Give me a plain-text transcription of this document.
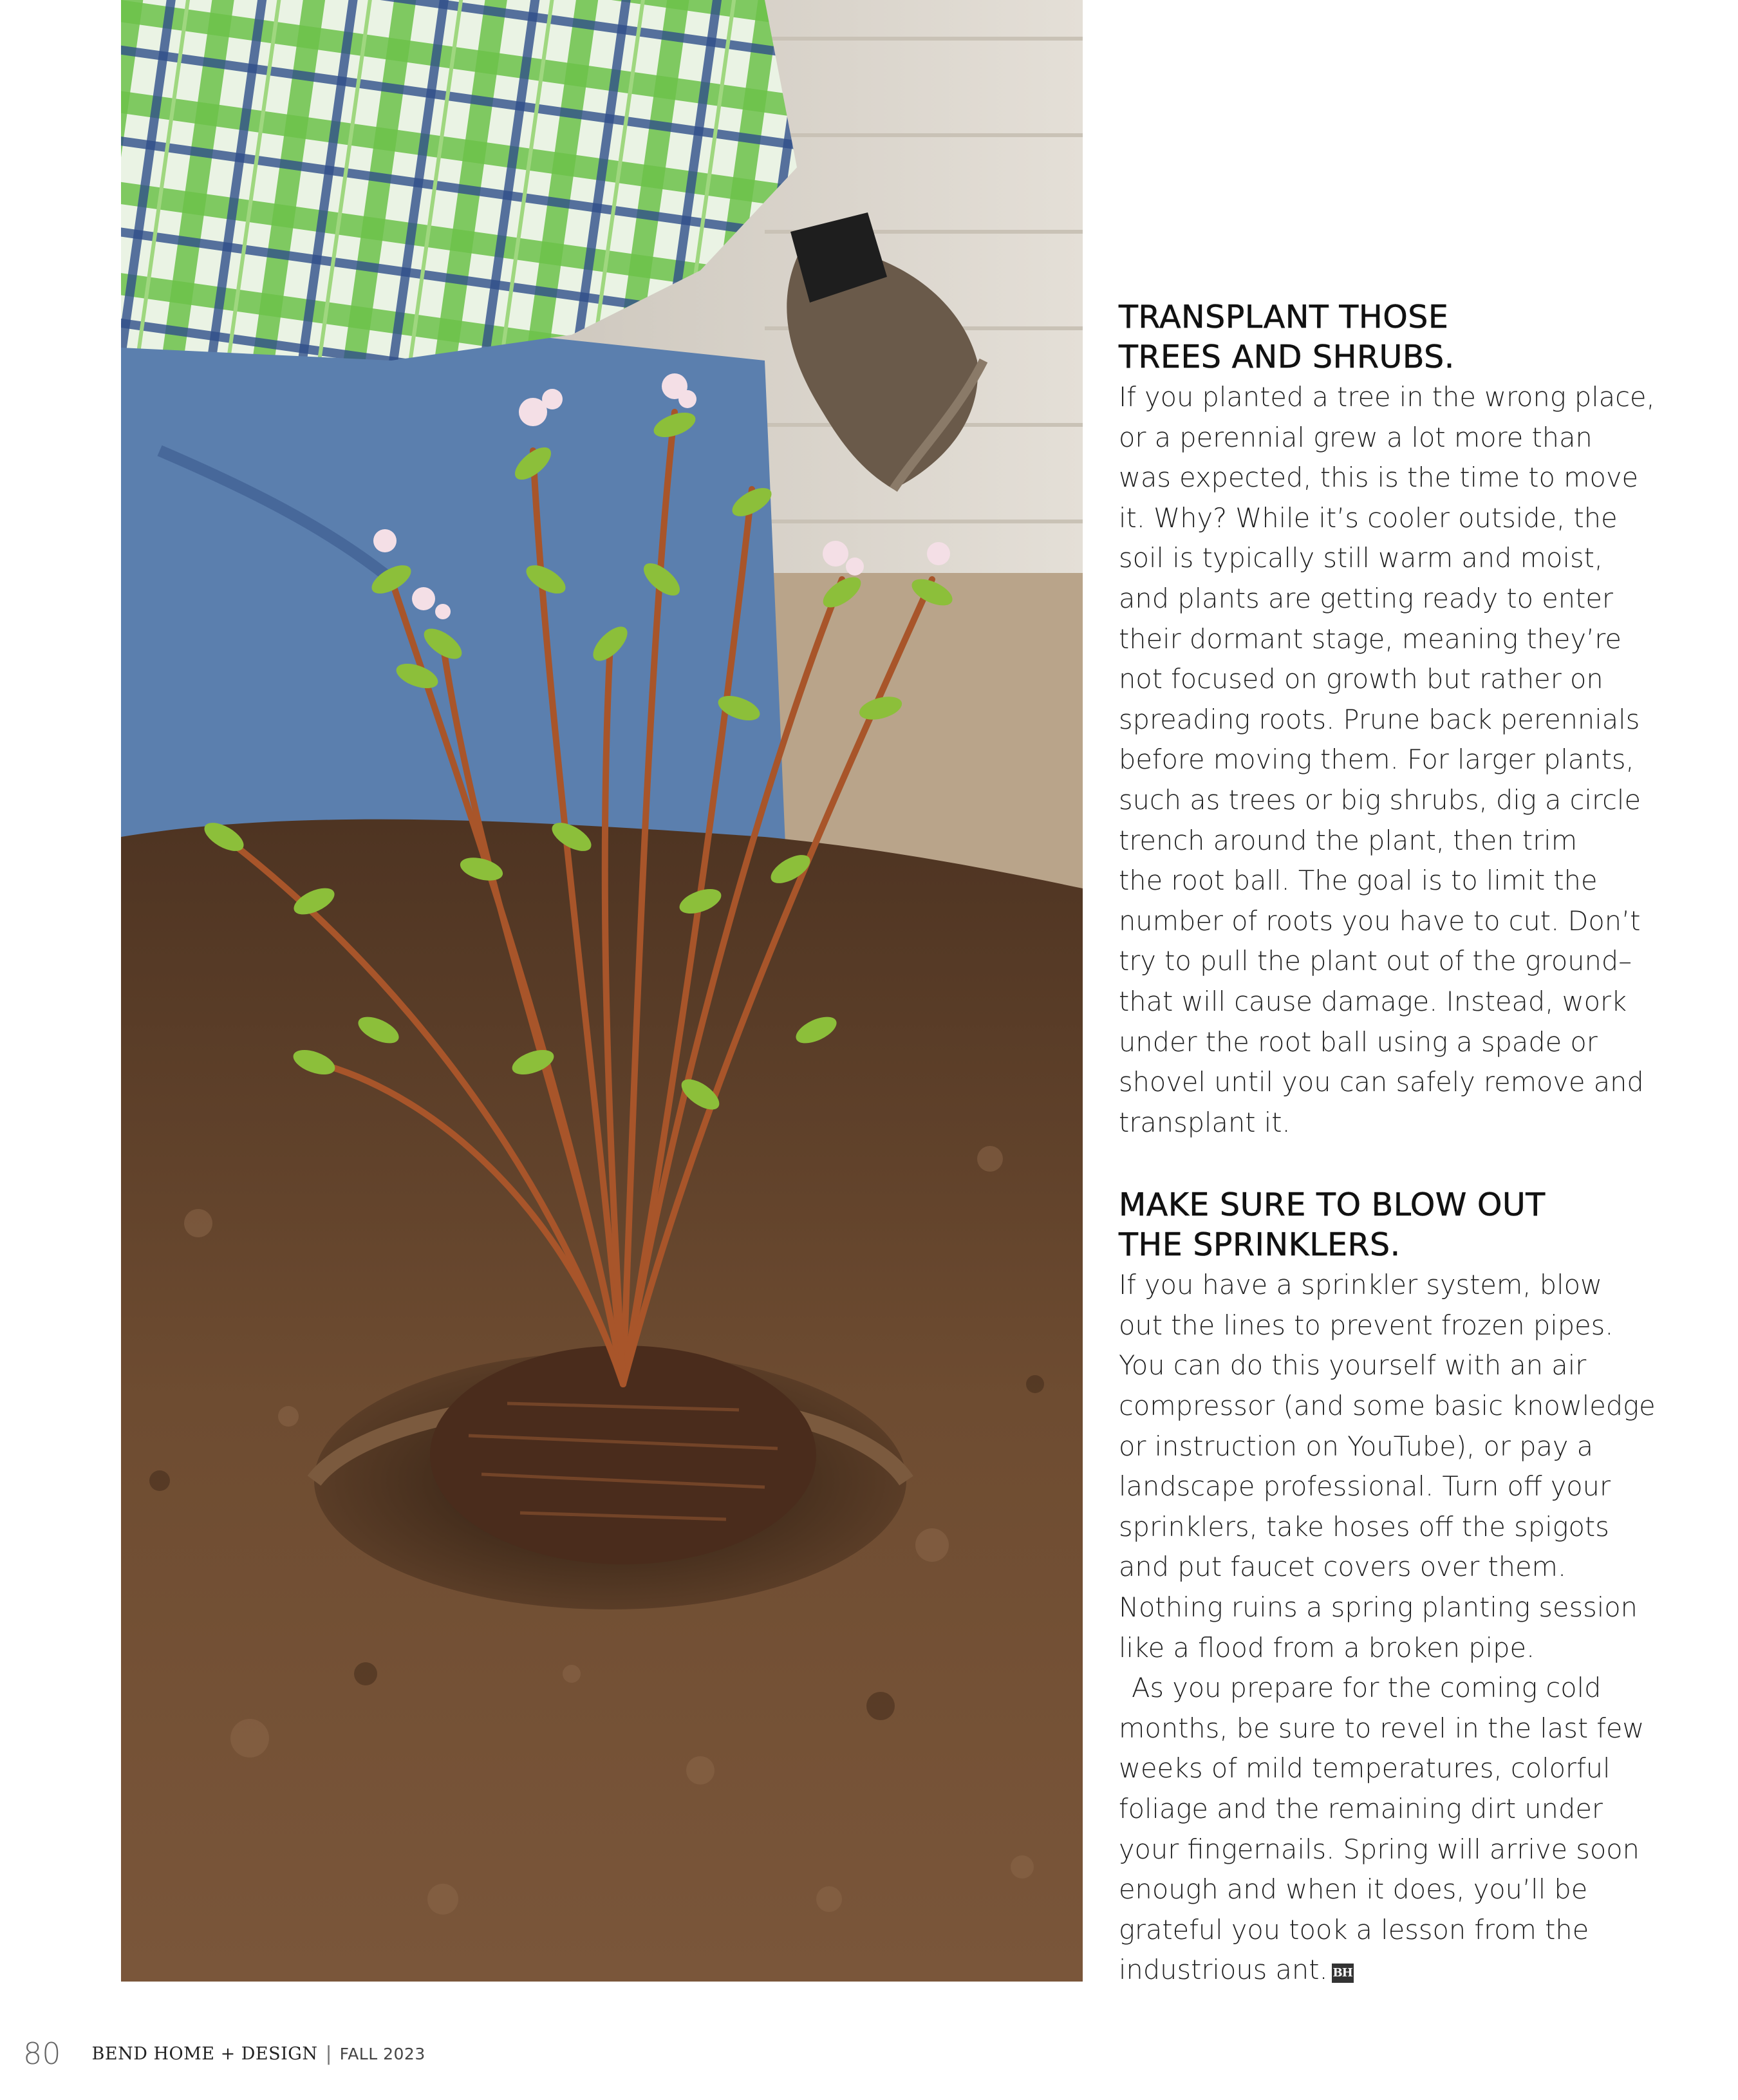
TRANSPLANT THOSE
TREES AND SHRUBS.

If you planted a tree in the wrong place,
or a perennial grew a lot more than
was expected, this is the time to move
it. Why? While it’s cooler outside, the
soil is typically still warm and moist,
and plants are getting ready to enter
their dormant stage, meaning they’re
not focused on growth but rather on
spreading roots. Prune back perennials
before moving them. For larger plants,
such as trees or big shrubs, dig a circle
trench around the plant, then trim
the root ball. The goal is to limit the
number of roots you have to cut. Don’t
try to pull the plant out of the ground–
that will cause damage. Instead, work
under the root ball using a spade or
shovel until you can safely remove and
transplant it.

MAKE SURE TO BLOW OUT
THE SPRINKLERS.

If you have a sprinkler system, blow
out the lines to prevent frozen pipes.
You can do this yourself with an air
compressor (and some basic knowledge
or instruction on YouTube), or pay a
landscape professional. Turn off your
sprinklers, take hoses off the spigots
and put faucet covers over them.
Nothing ruins a spring planting session
like a flood from a broken pipe.
As you prepare for the coming cold
months, be sure to revel in the last few
weeks of mild temperatures, colorful
foliage and the remaining dirt under
your fingernails. Spring will arrive soon
enough and when it does, you’ll be
grateful you took a lesson from the
industrious ant. BH

80 BEND HOME + DESIGN | FALL 2023
